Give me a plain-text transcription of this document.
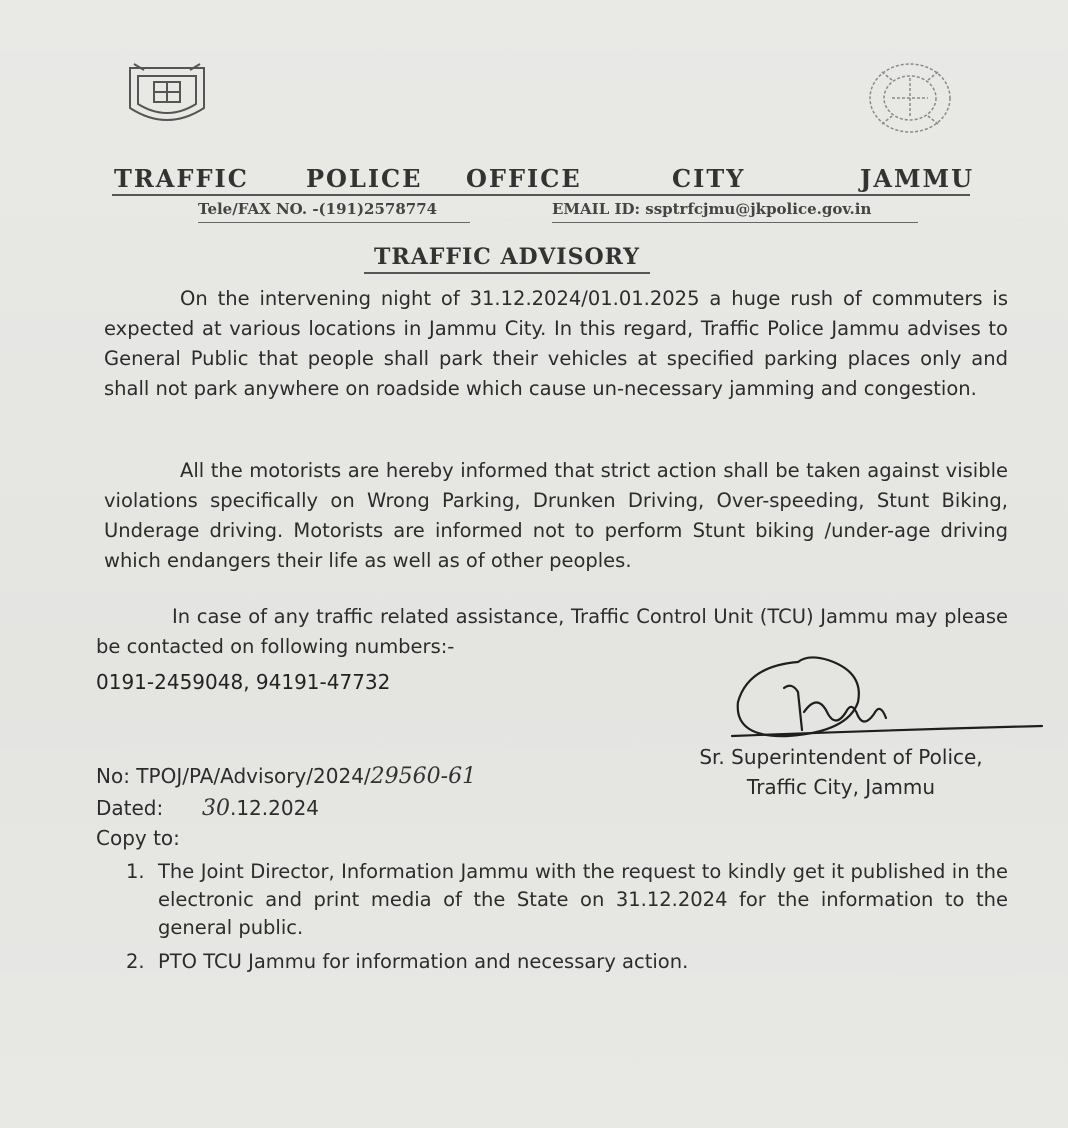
TRAFFIC POLICE OFFICE	CITY	JAMMU
Tele/FAX NO. -(191)2578774	EMAIL ID: ssptrfcjmu@jkpolice.gov.in
TRAFFIC ADVISORY
On the intervening night of 31.12.2024/01.01.2025 a huge rush of commuters is expected at various locations in Jammu City. In this regard, Traffic Police Jammu advises to General Public that people shall park their vehicles at specified parking places only and shall not park anywhere on roadside which cause un-necessary jamming and congestion.
All the motorists are hereby informed that strict action shall be taken against visible violations specifically on Wrong Parking, Drunken Driving, Over-speeding, Stunt Biking, Underage driving. Motorists are informed not to perform Stunt biking /under-age driving which endangers their life as well as of other peoples.
In case of any traffic related assistance, Traffic Control Unit (TCU) Jammu may please be contacted on following numbers:-
0191-2459048, 94191-47732
Sr. Superintendent of Police,
Traffic City, Jammu
No: TPOJ/PA/Advisory/2024/29560-61
Dated: 30.12.2024
Copy to:
1. The Joint Director, Information Jammu with the request to kindly get it published in the electronic and print media of the State on 31.12.2024 for the information to the general public.
2. PTO TCU Jammu for information and necessary action.
